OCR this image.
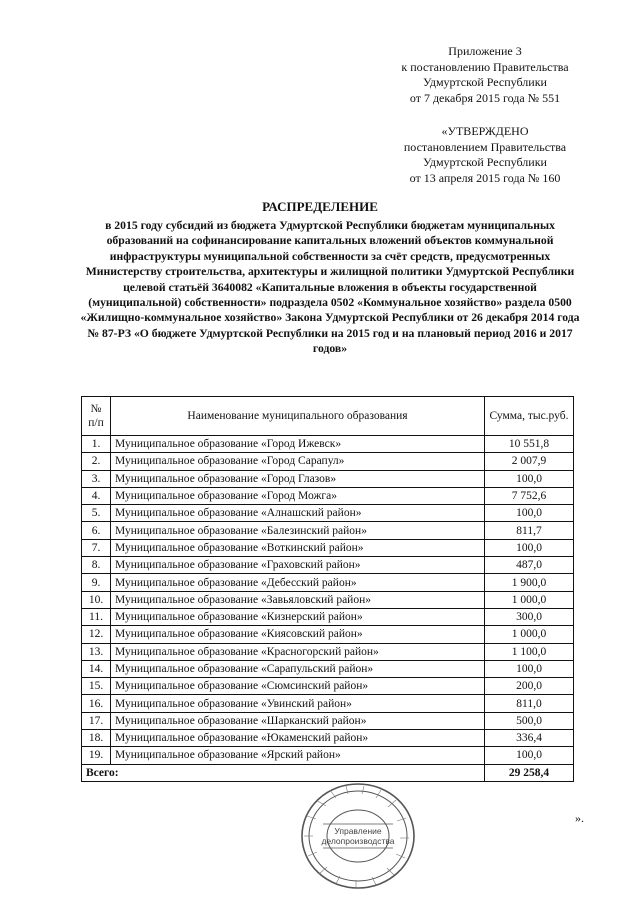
Приложение 3
к постановлению Правительства
Удмуртской Республики
от 7 декабря 2015 года № 551
«УТВЕРЖДЕНО
постановлением Правительства
Удмуртской Республики
от 13 апреля 2015 года № 160
РАСПРЕДЕЛЕНИЕ
в 2015 году субсидий из бюджета Удмуртской Республики бюджетам муниципальных образований на софинансирование капитальных вложений объектов коммунальной инфраструктуры муниципальной собственности за счёт средств, предусмотренных Министерству строительства, архитектуры и жилищной политики Удмуртской Республики целевой статьёй 3640082 «Капитальные вложения в объекты государственной (муниципальной) собственности» подраздела 0502 «Коммунальное хозяйство» раздела 0500 «Жилищно-коммунальное хозяйство» Закона Удмуртской Республики от 26 декабря 2014 года № 87-РЗ «О бюджете Удмуртской Республики на 2015 год и на плановый период 2016 и 2017 годов»
№ п/п	Наименование муниципального образования	Сумма, тыс.руб.
1.	Муниципальное образование «Город Ижевск»	10 551,8
2.	Муниципальное образование «Город Сарапул»	2 007,9
3.	Муниципальное образование «Город Глазов»	100,0
4.	Муниципальное образование «Город Можга»	7 752,6
5.	Муниципальное образование «Алнашский район»	100,0
6.	Муниципальное образование «Балезинский район»	811,7
7.	Муниципальное образование «Воткинский район»	100,0
8.	Муниципальное образование «Граховский район»	487,0
9.	Муниципальное образование «Дебесский район»	1 900,0
10.	Муниципальное образование «Завьяловский район»	1 000,0
11.	Муниципальное образование «Кизнерский район»	300,0
12.	Муниципальное образование «Киясовский район»	1 000,0
13.	Муниципальное образование «Красногорский район»	1 100,0
14.	Муниципальное образование «Сарапульский район»	100,0
15.	Муниципальное образование «Сюмсинский район»	200,0
16.	Муниципальное образование «Увинский район»	811,0
17.	Муниципальное образование «Шарканский район»	500,0
18.	Муниципальное образование «Юкаменский район»	336,4
19.	Муниципальное образование «Ярский район»	100,0
Всего:		29 258,4
».
Управление
делопроизводства
